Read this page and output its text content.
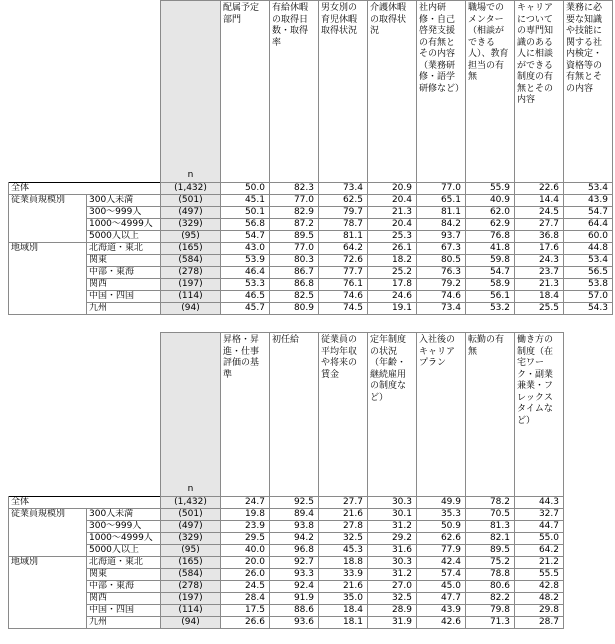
		n	配属予定部門	有給休暇の取得日数・取得率	男女別の育児休暇取得状況	介護休暇の取得状況	社内研修・自己啓発支援の有無とその内容（業務研修・語学研修など）	職場でのメンター（相談ができる人）、教育担当の有無	キャリアについての専門知識のある人に相談ができる制度の有無とその内容	業務に必要な知識や技能に関する社内検定・資格等の有無とその内容
全体		(1,432)	50.0	82.3	73.4	20.9	77.0	55.9	22.6	53.4
従業員規模別	300人未満	(501)	45.1	77.0	62.5	20.4	65.1	40.9	14.4	43.9
	300～999人	(497)	50.1	82.9	79.7	21.3	81.1	62.0	24.5	54.7
	1000～4999人	(329)	56.8	87.2	78.7	20.4	84.2	62.9	27.7	64.4
	5000人以上	(95)	54.7	89.5	81.1	25.3	93.7	76.8	36.8	60.0
地域別	北海道・東北	(165)	43.0	77.0	64.2	26.1	67.3	41.8	17.6	44.8
	関東	(584)	53.9	80.3	72.6	18.2	80.5	59.8	24.3	53.4
	中部・東海	(278)	46.4	86.7	77.7	25.2	76.3	54.7	23.7	56.5
	関西	(197)	53.3	86.8	76.1	17.8	79.2	58.9	21.3	53.8
	中国・四国	(114)	46.5	82.5	74.6	24.6	74.6	56.1	18.4	57.0
	九州	(94)	45.7	80.9	74.5	19.1	73.4	53.2	25.5	54.3
		n	昇格・昇進・仕事評価の基準	初任給	従業員の平均年収や将来の賃金	定年制度の状況（年齢・継続雇用の制度など）	入社後のキャリアプラン	転勤の有無	働き方の制度（在宅ワーク・副業兼業・フレックスタイムなど）
全体		(1,432)	24.7	92.5	27.7	30.3	49.9	78.2	44.3
従業員規模別	300人未満	(501)	19.8	89.4	21.6	30.1	35.3	70.5	32.7
	300～999人	(497)	23.9	93.8	27.8	31.2	50.9	81.3	44.7
	1000～4999人	(329)	29.5	94.2	32.5	29.2	62.6	82.1	55.0
	5000人以上	(95)	40.0	96.8	45.3	31.6	77.9	89.5	64.2
地域別	北海道・東北	(165)	20.0	92.7	18.8	30.3	42.4	75.2	21.2
	関東	(584)	26.0	93.3	33.9	31.2	57.4	78.8	55.5
	中部・東海	(278)	24.5	92.4	21.6	27.0	45.0	80.6	42.8
	関西	(197)	28.4	91.9	35.0	32.5	47.7	82.2	48.2
	中国・四国	(114)	17.5	88.6	18.4	28.9	43.9	79.8	29.8
	九州	(94)	26.6	93.6	18.1	31.9	42.6	71.3	28.7
